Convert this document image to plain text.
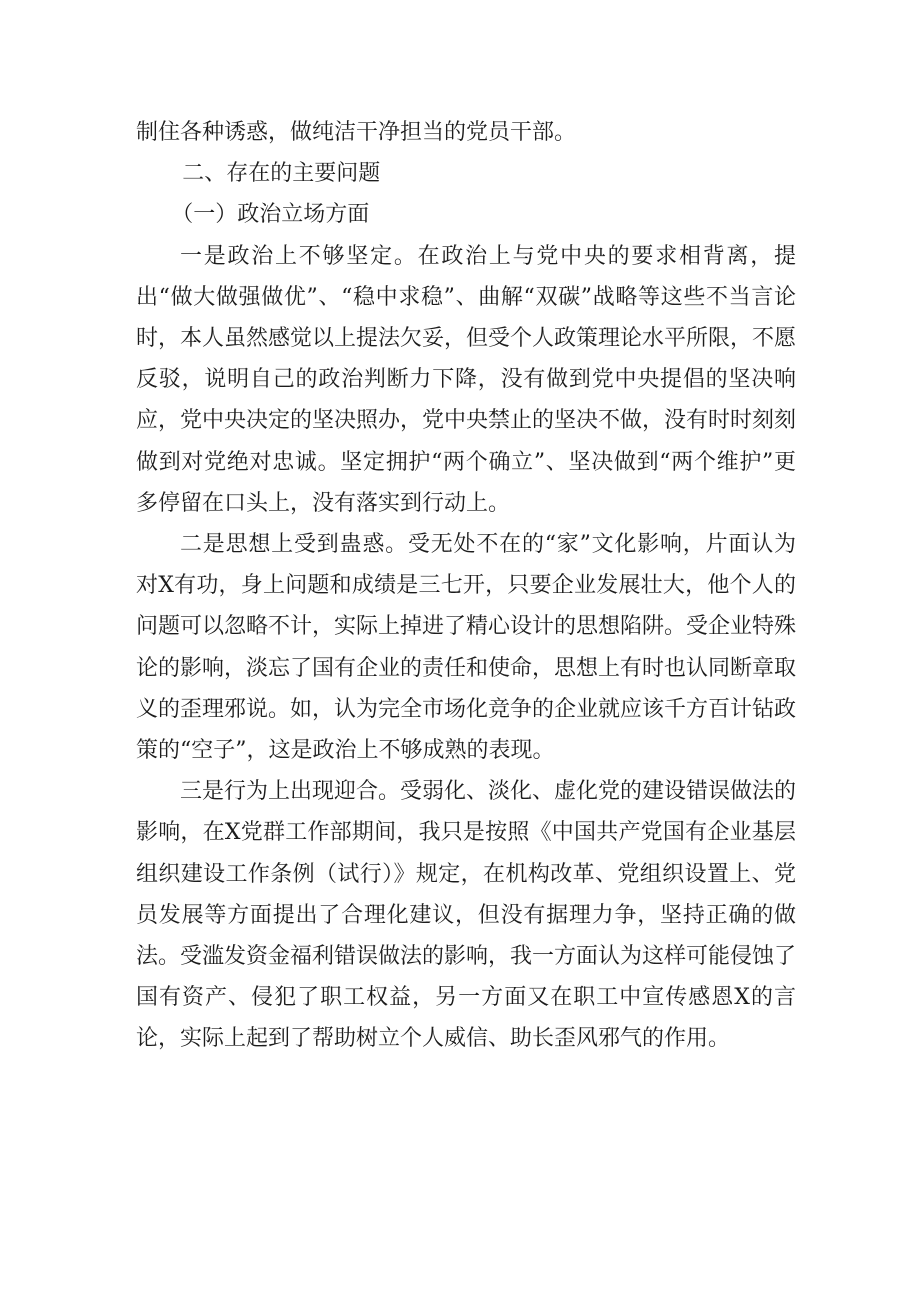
制住各种诱惑，做纯洁干净担当的党员干部。

二、存在的主要问题

（一）政治立场方面

一是政治上不够坚定。在政治上与党中央的要求相背离，提出“做大做强做优”、“稳中求稳”、曲解“双碳”战略等这些不当言论时，本人虽然感觉以上提法欠妥，但受个人政策理论水平所限，不愿反驳，说明自己的政治判断力下降，没有做到党中央提倡的坚决响应，党中央决定的坚决照办，党中央禁止的坚决不做，没有时时刻刻做到对党绝对忠诚。坚定拥护“两个确立”、坚决做到“两个维护”更多停留在口头上，没有落实到行动上。

二是思想上受到蛊惑。受无处不在的“家”文化影响，片面认为对X有功，身上问题和成绩是三七开，只要企业发展壮大，他个人的问题可以忽略不计，实际上掉进了精心设计的思想陷阱。受企业特殊论的影响，淡忘了国有企业的责任和使命，思想上有时也认同断章取义的歪理邪说。如，认为完全市场化竞争的企业就应该千方百计钻政策的“空子”，这是政治上不够成熟的表现。

三是行为上出现迎合。受弱化、淡化、虚化党的建设错误做法的影响，在X党群工作部期间，我只是按照《中国共产党国有企业基层组织建设工作条例（试行）》规定，在机构改革、党组织设置上、党员发展等方面提出了合理化建议，但没有据理力争，坚持正确的做法。受滥发资金福利错误做法的影响，我一方面认为这样可能侵蚀了国有资产、侵犯了职工权益，另一方面又在职工中宣传感恩X的言论，实际上起到了帮助树立个人威信、助长歪风邪气的作用。
